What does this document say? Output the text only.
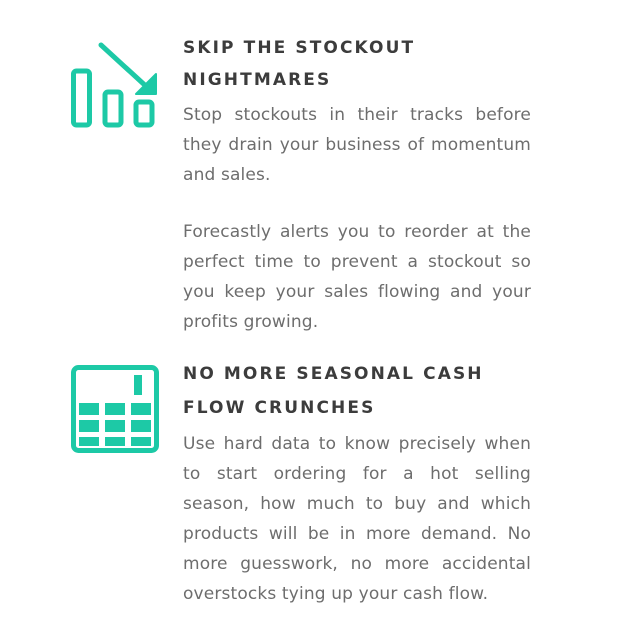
SKIP THE STOCKOUT NIGHTMARES

Stop stockouts in their tracks before they drain your business of momentum and sales.

Forecastly alerts you to reorder at the perfect time to prevent a stockout so you keep your sales flowing and your profits growing.

NO MORE SEASONAL CASH FLOW CRUNCHES

Use hard data to know precisely when to start ordering for a hot selling season, how much to buy and which products will be in more demand. No more guesswork, no more accidental overstocks tying up your cash flow.
